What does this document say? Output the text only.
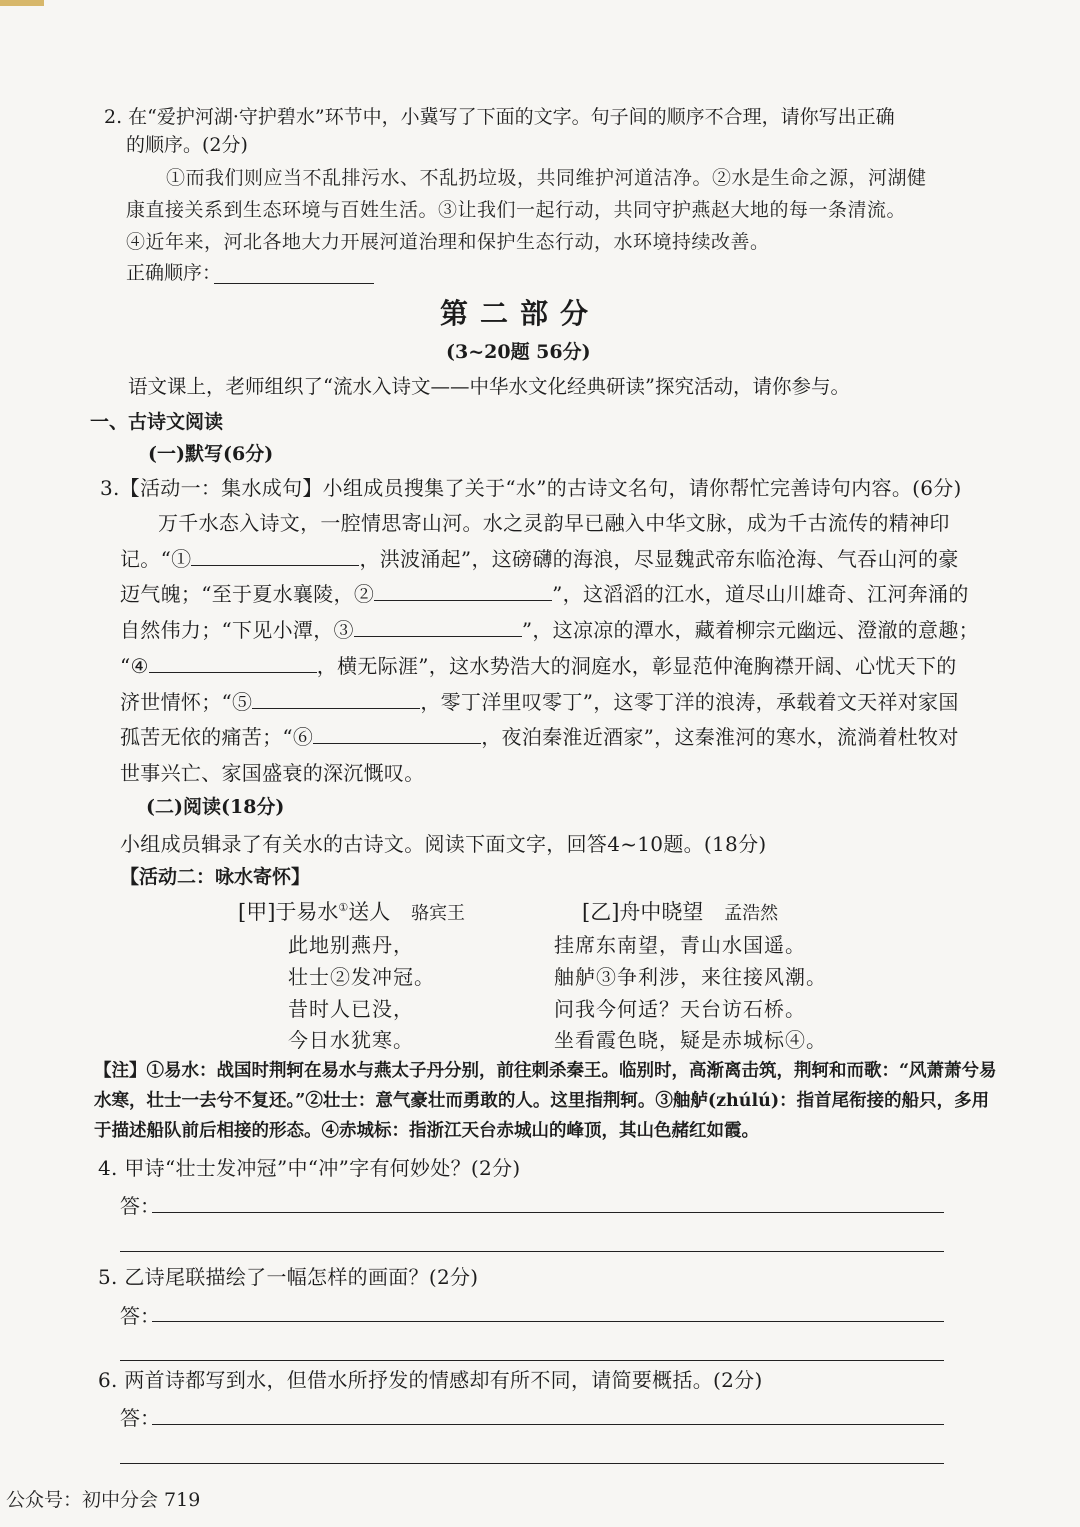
2. 在“爱护河湖·守护碧水”环节中，小冀写了下面的文字。句子间的顺序不合理，请你写出正确
的顺序。(2分)
①而我们则应当不乱排污水、不乱扔垃圾，共同维护河道洁净。②水是生命之源，河湖健
康直接关系到生态环境与百姓生活。③让我们一起行动，共同守护燕赵大地的每一条清流。
④近年来，河北各地大力开展河道治理和保护生态行动，水环境持续改善。
正确顺序：
第二部分
(3~20题 56分)
语文课上，老师组织了“流水入诗文——中华水文化经典研读”探究活动，请你参与。
一、古诗文阅读
(一)默写(6分)
3.【活动一：集水成句】小组成员搜集了关于“水”的古诗文名句，请你帮忙完善诗句内容。(6分)
万千水态入诗文，一腔情思寄山河。水之灵韵早已融入中华文脉，成为千古流传的精神印
记。“①	，洪波涌起”，这磅礴的海浪，尽显魏武帝东临沧海、气吞山河的豪
迈气魄；“至于夏水襄陵，②	”，这滔滔的江水，道尽山川雄奇、江河奔涌的
自然伟力；“下见小潭，③	”，这凉凉的潭水，藏着柳宗元幽远、澄澈的意趣；
“④	，横无际涯”，这水势浩大的洞庭水，彰显范仲淹胸襟开阔、心忧天下的
济世情怀；“⑤	，零丁洋里叹零丁”，这零丁洋的浪涛，承载着文天祥对家国
孤苦无依的痛苦；“⑥	，夜泊秦淮近酒家”，这秦淮河的寒水，流淌着杜牧对
世事兴亡、家国盛衰的深沉慨叹。
(二)阅读(18分)
小组成员辑录了有关水的古诗文。阅读下面文字，回答4~10题。(18分)
【活动二：咏水寄怀】
[甲]于易水①送人 骆宾王
此地别燕丹，
壮士②发冲冠。
昔时人已没，
今日水犹寒。
[乙]舟中晓望 孟浩然
挂席东南望，青山水国遥。
舳舻③争利涉，来往接风潮。
问我今何适？天台访石桥。
坐看霞色晓，疑是赤城标④。
【注】①易水：战国时荆轲在易水与燕太子丹分别，前往刺杀秦王。临别时，高渐离击筑，荆轲和而歌：“风萧萧兮易
水寒，壮士一去兮不复还。”②壮士：意气豪壮而勇敢的人。这里指荆轲。③舳舻(zhúlú)：指首尾衔接的船只，多用
于描述船队前后相接的形态。④赤城标：指浙江天台赤城山的峰顶，其山色赭红如霞。
4. 甲诗“壮士发冲冠”中“冲”字有何妙处？(2分)
答：
5. 乙诗尾联描绘了一幅怎样的画面？(2分)
答：
6. 两首诗都写到水，但借水所抒发的情感却有所不同，请简要概括。(2分)
答：
公众号：初中分会 719
